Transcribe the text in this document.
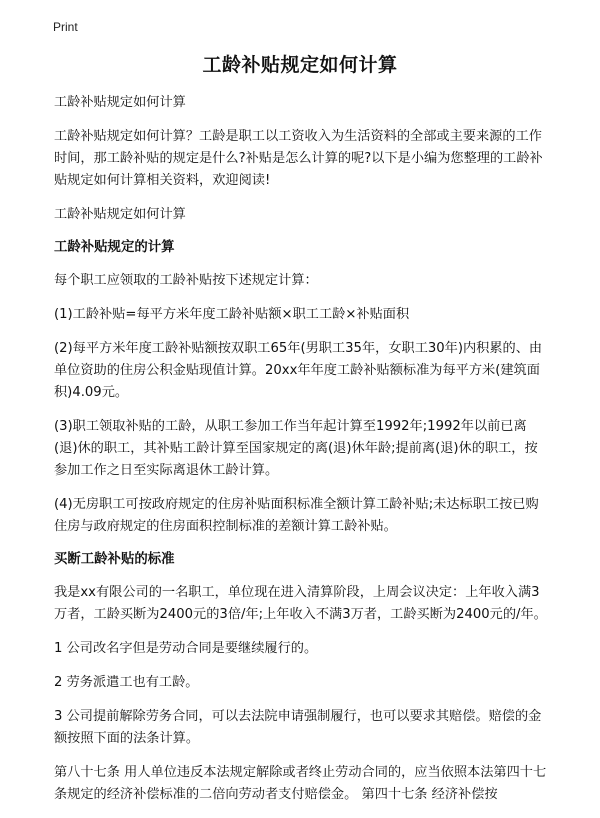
Print
工龄补贴规定如何计算

工龄补贴规定如何计算

工龄补贴规定如何计算？工龄是职工以工资收入为生活资料的全部或主要来源的工作时间，那工龄补贴的规定是什么?补贴是怎么计算的呢?以下是小编为您整理的工龄补贴规定如何计算相关资料，欢迎阅读!

工龄补贴规定如何计算

工龄补贴规定的计算

每个职工应领取的工龄补贴按下述规定计算：

(1)工龄补贴=每平方米年度工龄补贴额×职工工龄×补贴面积

(2)每平方米年度工龄补贴额按双职工65年(男职工35年，女职工30年)内积累的、由单位资助的住房公积金贴现值计算。20xx年年度工龄补贴额标准为每平方米(建筑面积)4.09元。

(3)职工领取补贴的工龄，从职工参加工作当年起计算至1992年;1992年以前已离(退)休的职工，其补贴工龄计算至国家规定的离(退)休年龄;提前离(退)休的职工，按参加工作之日至实际离退休工龄计算。

(4)无房职工可按政府规定的住房补贴面积标准全额计算工龄补贴;未达标职工按已购住房与政府规定的住房面积控制标准的差额计算工龄补贴。

买断工龄补贴的标准

我是xx有限公司的一名职工，单位现在进入清算阶段，上周会议决定：上年收入满3万者，工龄买断为2400元的3倍/年;上年收入不满3万者，工龄买断为2400元的/年。

1 公司改名字但是劳动合同是要继续履行的。

2 劳务派遣工也有工龄。

3 公司提前解除劳务合同，可以去法院申请强制履行，也可以要求其赔偿。赔偿的金额按照下面的法条计算。

第八十七条 用人单位违反本法规定解除或者终止劳动合同的，应当依照本法第四十七条规定的经济补偿标准的二倍向劳动者支付赔偿金。 第四十七条 经济补偿按
